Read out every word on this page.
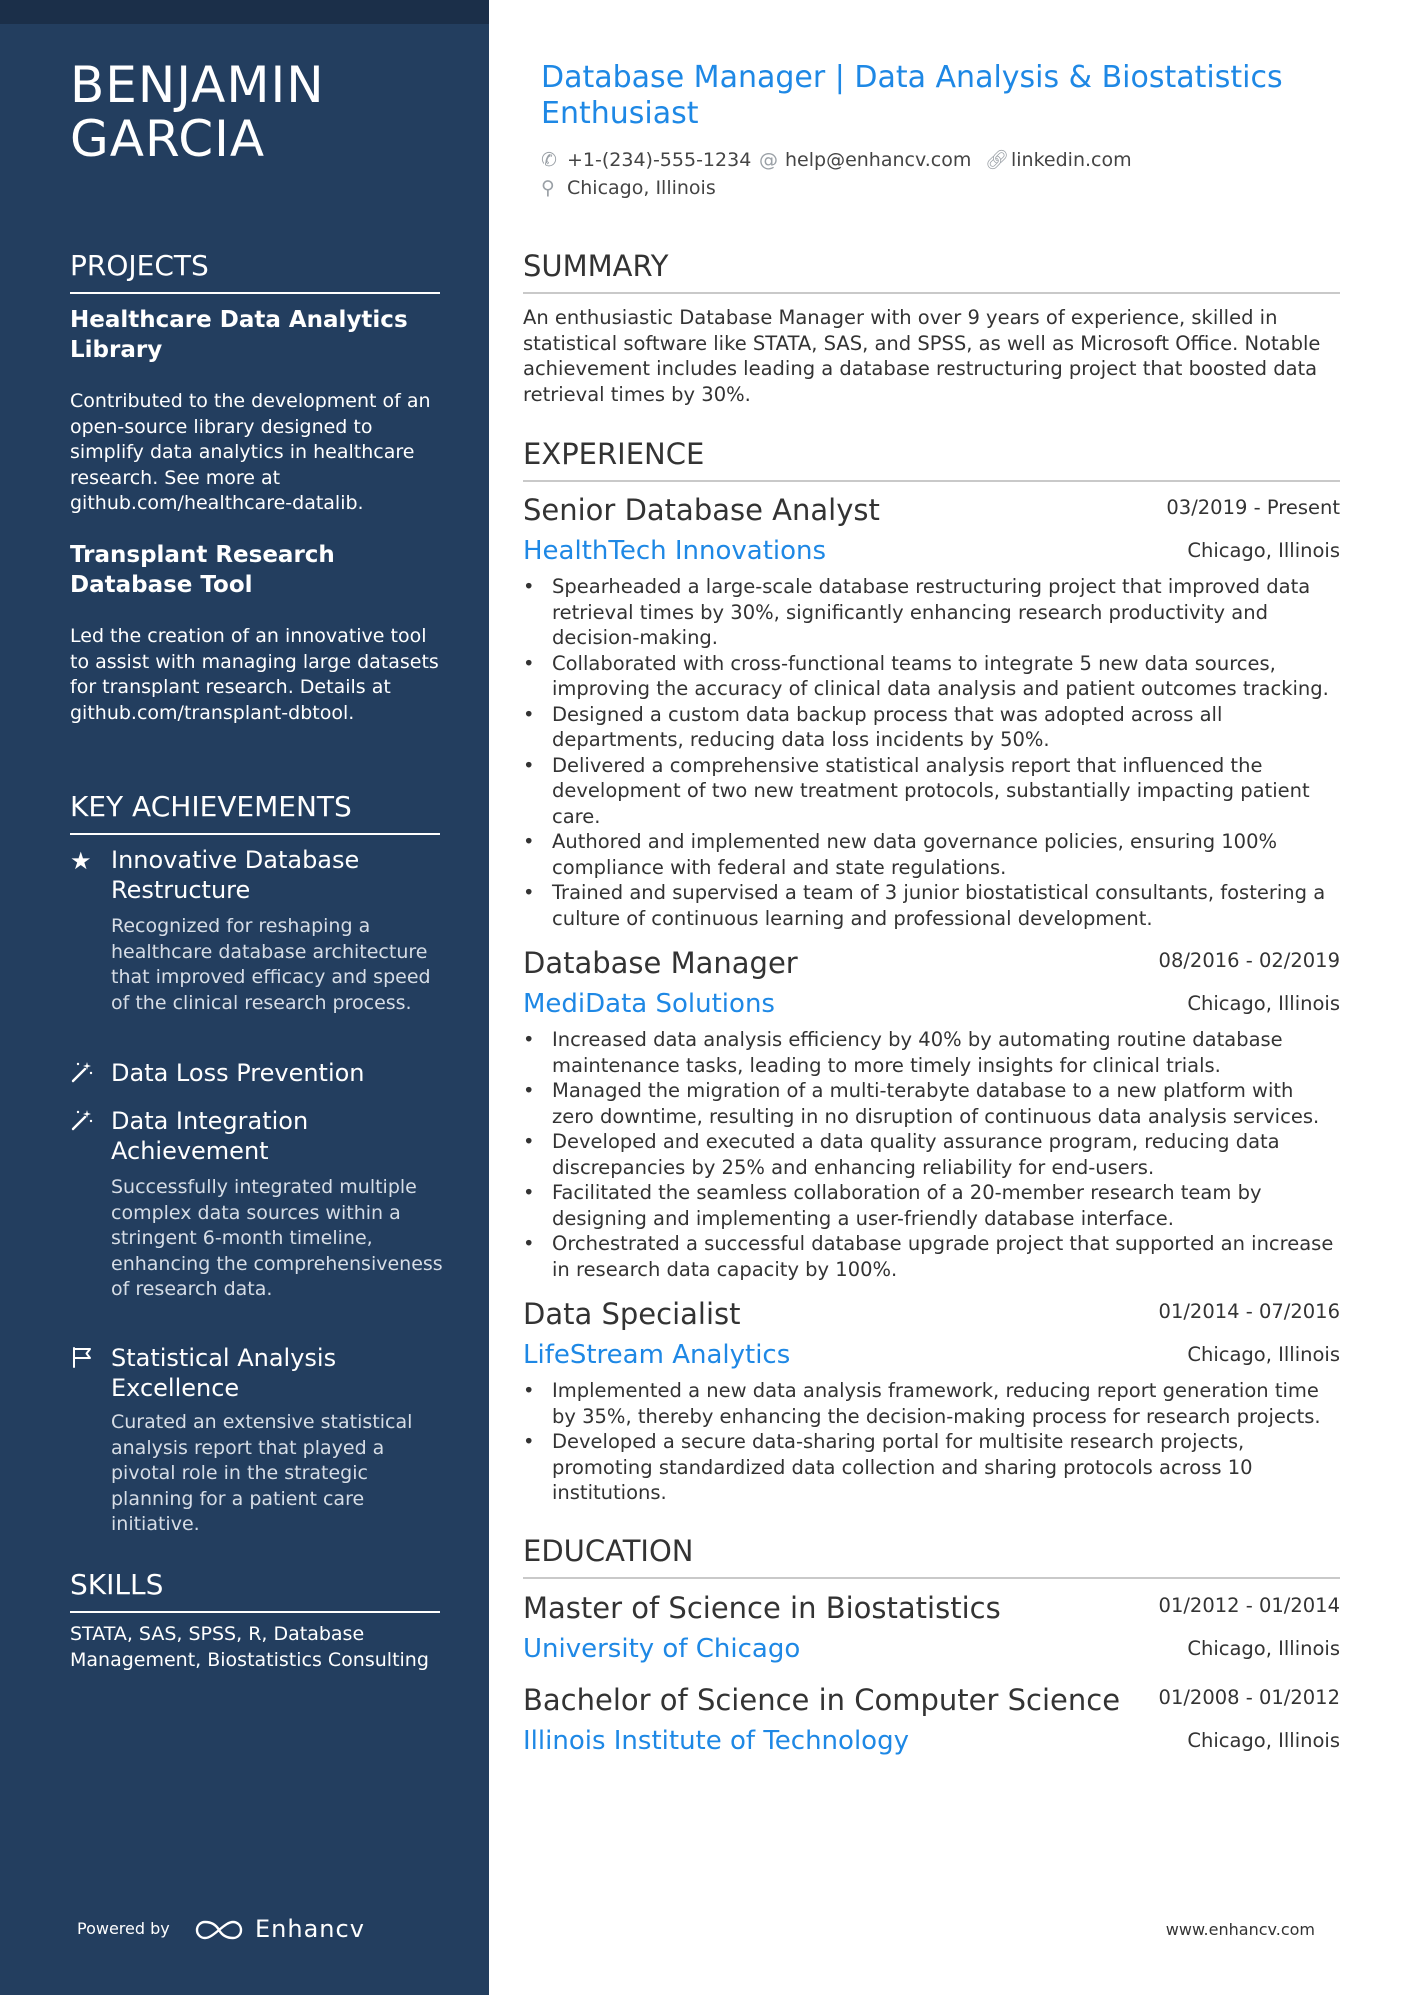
BENJAMIN
GARCIA
PROJECTS
Healthcare Data Analytics Library
Contributed to the development of an open-source library designed to simplify data analytics in healthcare research. See more at github.com/healthcare-datalib.
Transplant Research Database Tool
Led the creation of an innovative tool to assist with managing large datasets for transplant research. Details at github.com/transplant-dbtool.
KEY ACHIEVEMENTS
★ Innovative Database Restructure
Recognized for reshaping a healthcare database architecture that improved efficacy and speed of the clinical research process.
Data Loss Prevention
Data Integration Achievement
Successfully integrated multiple complex data sources within a stringent 6-month timeline, enhancing the comprehensiveness of research data.
Statistical Analysis Excellence
Curated an extensive statistical analysis report that played a pivotal role in the strategic planning for a patient care initiative.
SKILLS
STATA, SAS, SPSS, R, Database Management, Biostatistics Consulting
Powered by	Enhancv
Database Manager | Data Analysis & Biostatistics Enthusiast
✆ +1-(234)-555-1234 @ help@enhancv.com 🔗︎linkedin.com
⚲ Chicago, Illinois
SUMMARY
An enthusiastic Database Manager with over 9 years of experience, skilled in statistical software like STATA, SAS, and SPSS, as well as Microsoft Office. Notable achievement includes leading a database restructuring project that boosted data retrieval times by 30%.
EXPERIENCE
Senior Database Analyst	03/2019 - Present
HealthTech Innovations	Chicago, Illinois
• Spearheaded a large-scale database restructuring project that improved data retrieval times by 30%, significantly enhancing research productivity and decision-making.
• Collaborated with cross-functional teams to integrate 5 new data sources, improving the accuracy of clinical data analysis and patient outcomes tracking.
• Designed a custom data backup process that was adopted across all departments, reducing data loss incidents by 50%.
• Delivered a comprehensive statistical analysis report that influenced the development of two new treatment protocols, substantially impacting patient care.
• Authored and implemented new data governance policies, ensuring 100% compliance with federal and state regulations.
• Trained and supervised a team of 3 junior biostatistical consultants, fostering a culture of continuous learning and professional development.
Database Manager	08/2016 - 02/2019
MediData Solutions	Chicago, Illinois
• Increased data analysis efficiency by 40% by automating routine database maintenance tasks, leading to more timely insights for clinical trials.
• Managed the migration of a multi-terabyte database to a new platform with zero downtime, resulting in no disruption of continuous data analysis services.
• Developed and executed a data quality assurance program, reducing data discrepancies by 25% and enhancing reliability for end-users.
• Facilitated the seamless collaboration of a 20-member research team by designing and implementing a user-friendly database interface.
• Orchestrated a successful database upgrade project that supported an increase in research data capacity by 100%.
Data Specialist	01/2014 - 07/2016
LifeStream Analytics	Chicago, Illinois
• Implemented a new data analysis framework, reducing report generation time by 35%, thereby enhancing the decision-making process for research projects.
• Developed a secure data-sharing portal for multisite research projects, promoting standardized data collection and sharing protocols across 10 institutions.
EDUCATION
Master of Science in Biostatistics	01/2012 - 01/2014
University of Chicago	Chicago, Illinois
Bachelor of Science in Computer Science	01/2008 - 01/2012
Illinois Institute of Technology	Chicago, Illinois
www.enhancv.com
